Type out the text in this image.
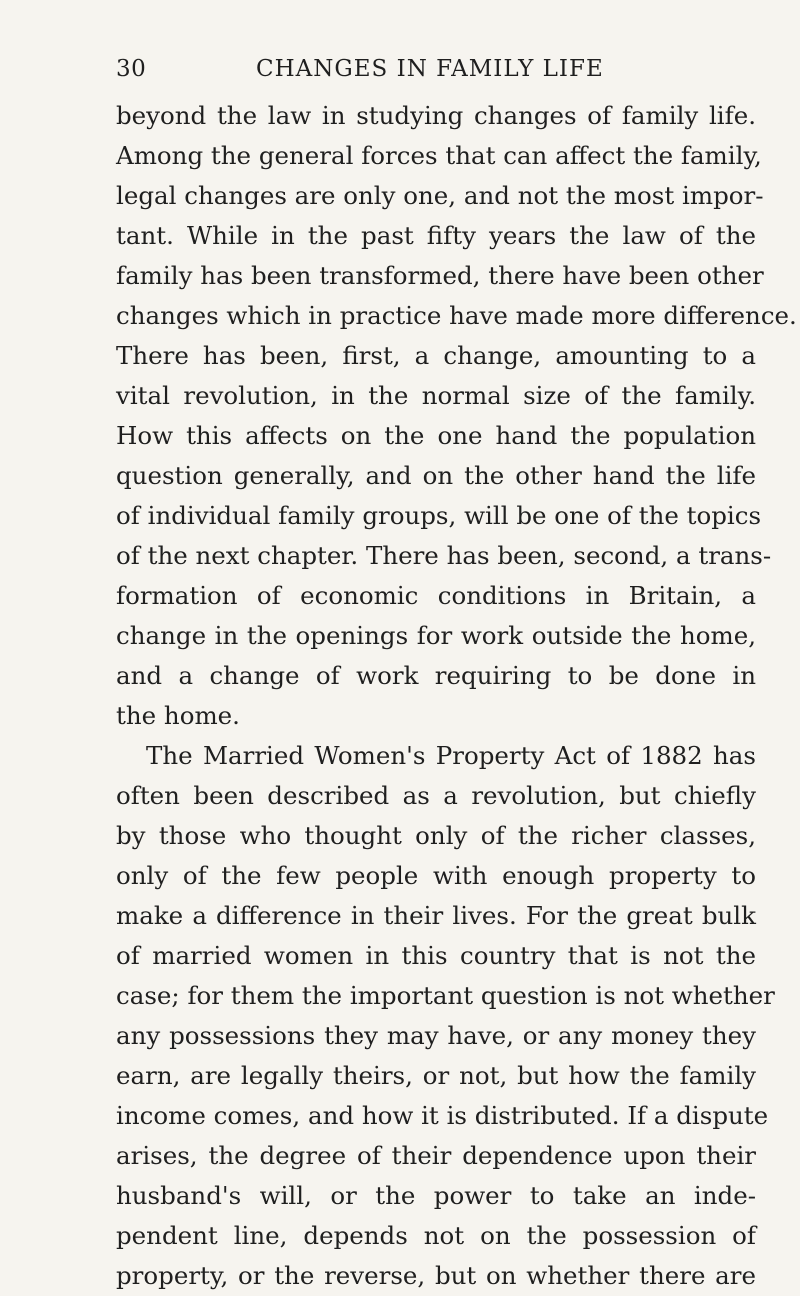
30	CHANGES IN FAMILY LIFE
beyond the law in studying changes of family life.
Among the general forces that can affect the family,
legal changes are only one, and not the most impor-
tant. While in the past fifty years the law of the
family has been transformed, there have been other
changes which in practice have made more difference.
There has been, first, a change, amounting to a
vital revolution, in the normal size of the family.
How this affects on the one hand the population
question generally, and on the other hand the life
of individual family groups, will be one of the topics
of the next chapter. There has been, second, a trans-
formation of economic conditions in Britain, a
change in the openings for work outside the home,
and a change of work requiring to be done in
the home.
The Married Women's Property Act of 1882 has
often been described as a revolution, but chiefly
by those who thought only of the richer classes,
only of the few people with enough property to
make a difference in their lives. For the great bulk
of married women in this country that is not the
case; for them the important question is not whether
any possessions they may have, or any money they
earn, are legally theirs, or not, but how the family
income comes, and how it is distributed. If a dispute
arises, the degree of their dependence upon their
husband's will, or the power to take an inde-
pendent line, depends not on the possession of
property, or the reverse, but on whether there are
